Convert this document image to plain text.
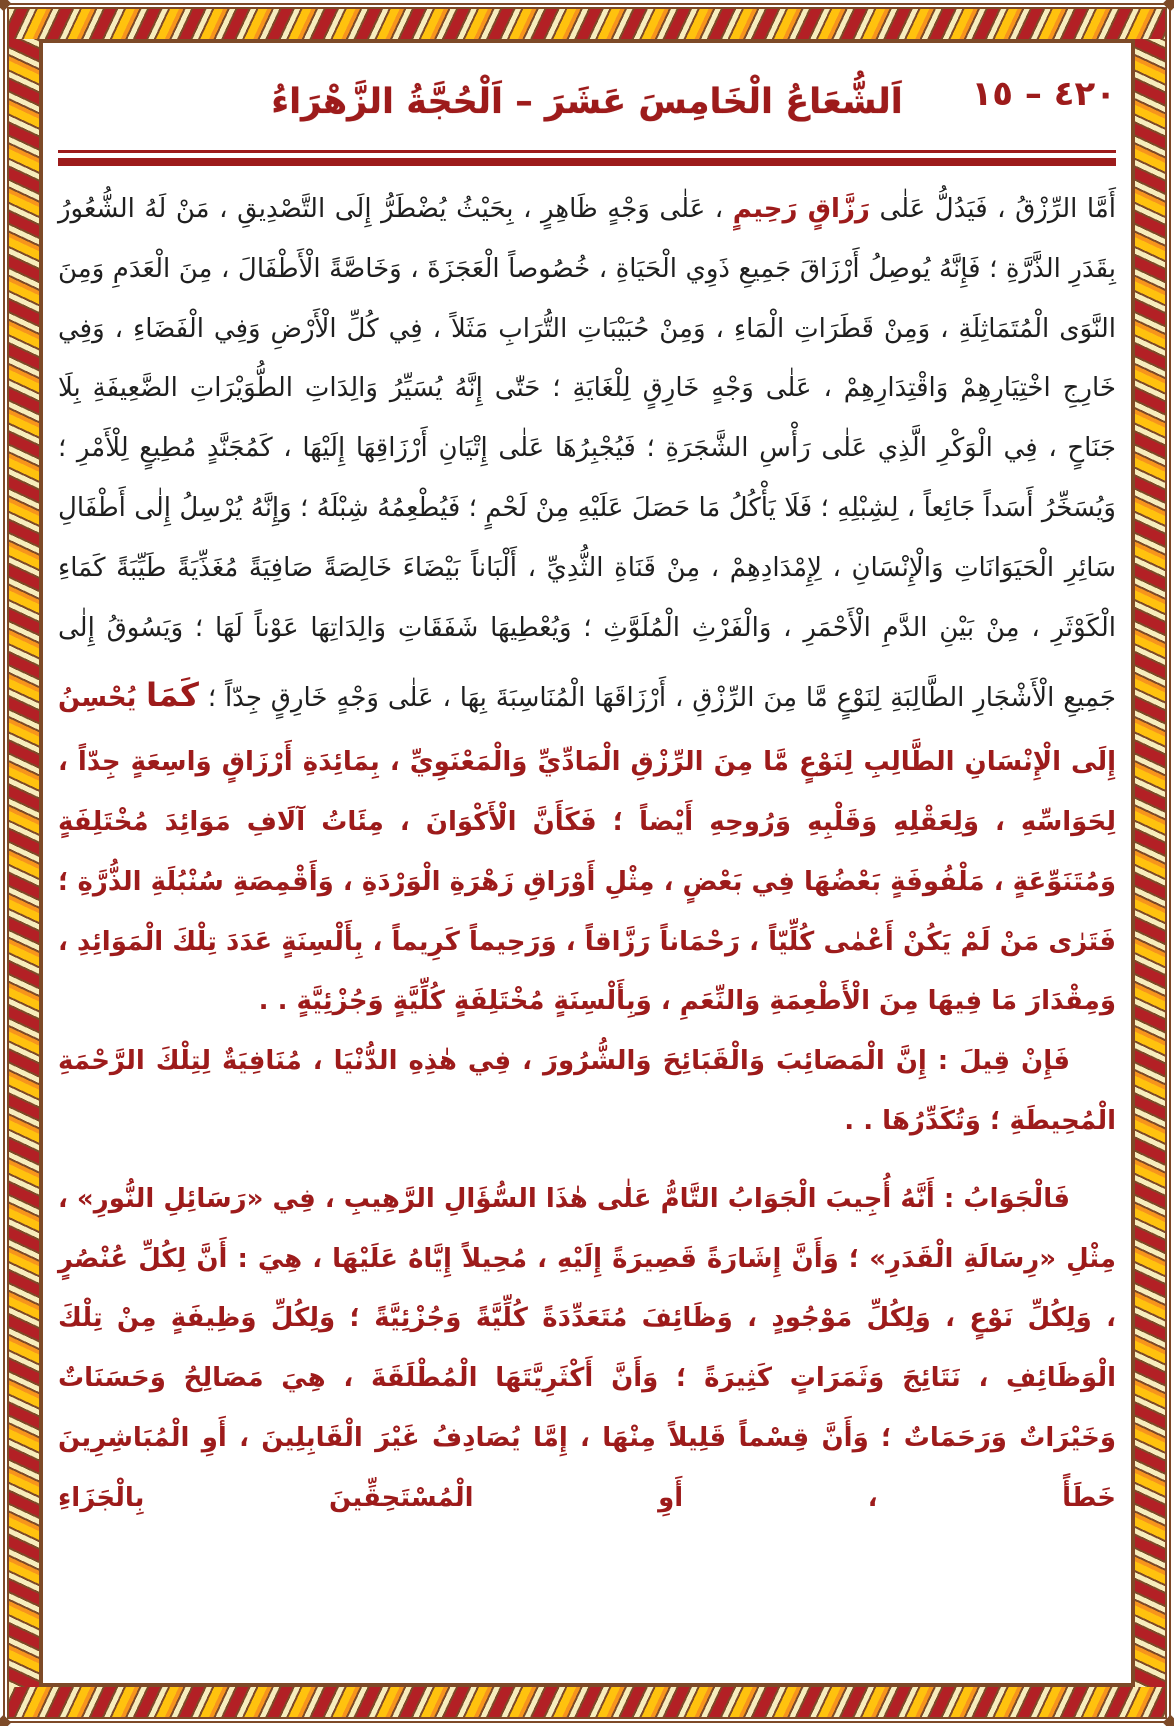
٤٢٠ – ١٥
اَلشُّعَاعُ الْخَامِسَ عَشَرَ – اَلْحُجَّةُ الزَّهْرَاءُ

أَمَّا الرِّزْقُ ، فَيَدُلُّ عَلٰى رَزَّاقٍ رَحِيمٍ ، عَلٰى وَجْهٍ ظَاهِرٍ ، بِحَيْثُ يُضْطَرُّ إِلَى التَّصْدِيقِ ، مَنْ لَهُ الشُّعُورُ بِقَدَرِ الذَّرَّةِ ؛ فَإِنَّهُ يُوصِلُ أَرْزَاقَ جَمِيعِ ذَوِي الْحَيَاةِ ، خُصُوصاً الْعَجَزَةَ ، وَخَاصَّةً الْأَطْفَالَ ، مِنَ الْعَدَمِ وَمِنَ النَّوَى الْمُتَمَاثِلَةِ ، وَمِنْ قَطَرَاتِ الْمَاءِ ، وَمِنْ حُبَيْبَاتِ التُّرَابِ مَثَلاً ، فِي كُلِّ الْأَرْضِ وَفِي الْفَضَاءِ ، وَفِي خَارِجِ اخْتِيَارِهِمْ وَاقْتِدَارِهِمْ ، عَلٰى وَجْهٍ خَارِقٍ لِلْغَايَةِ ؛ حَتّٰى إِنَّهُ يُسَيِّرُ وَالِدَاتِ الطُّوَيْرَاتِ الضَّعِيفَةِ بِلَا جَنَاحٍ ، فِي الْوَكْرِ الَّذِي عَلٰى رَأْسِ الشَّجَرَةِ ؛ فَيُجْبِرُهَا عَلٰى إِتْيَانِ أَرْزَاقِهَا إِلَيْهَا ، كَمُجَنَّدٍ مُطِيعٍ لِلْأَمْرِ ؛ وَيُسَخِّرُ أَسَداً جَائِعاً ، لِشِبْلِهِ ؛ فَلَا يَأْكُلُ مَا حَصَلَ عَلَيْهِ مِنْ لَحْمٍ ؛ فَيُطْعِمُهُ شِبْلَهُ ؛ وَإِنَّهُ يُرْسِلُ إِلٰى أَطْفَالِ سَائِرِ الْحَيَوَانَاتِ وَالْإِنْسَانِ ، لِإِمْدَادِهِمْ ، مِنْ قَنَاةِ الثُّدِيِّ ، أَلْبَاناً بَيْضَاءَ خَالِصَةً صَافِيَةً مُغَذِّيَةً طَيِّبَةً كَمَاءِ الْكَوْثَرِ ، مِنْ بَيْنِ الدَّمِ الْأَحْمَرِ ، وَالْفَرْثِ الْمُلَوَّثِ ؛ وَيُعْطِيهَا شَفَقَاتِ وَالِدَاتِهَا عَوْناً لَهَا ؛ وَيَسُوقُ إِلٰى جَمِيعِ الْأَشْجَارِ الطَّالِبَةِ لِنَوْعٍ مَّا مِنَ الرِّزْقِ ، أَرْزَاقَهَا الْمُنَاسِبَةَ بِهَا ، عَلٰى وَجْهٍ خَارِقٍ جِدّاً ؛ كَمَا يُحْسِنُ إِلَى الْإِنْسَانِ الطَّالِبِ لِنَوْعٍ مَّا مِنَ الرِّزْقِ الْمَادِّيِّ وَالْمَعْنَوِيِّ ، بِمَائِدَةِ أَرْزَاقٍ وَاسِعَةٍ جِدّاً ، لِحَوَاسِّهِ ، وَلِعَقْلِهِ وَقَلْبِهِ وَرُوحِهِ أَيْضاً ؛ فَكَأَنَّ الْأَكْوَانَ ، مِئَاتُ آلَافِ مَوَائِدَ مُخْتَلِفَةٍ وَمُتَنَوِّعَةٍ ، مَلْفُوفَةٍ بَعْضُهَا فِي بَعْضٍ ، مِثْلِ أَوْرَاقِ زَهْرَةِ الْوَرْدَةِ ، وَأَقْمِصَةِ سُنْبُلَةِ الذُّرَّةِ ؛ فَتَرٰى مَنْ لَمْ يَكُنْ أَعْمٰى كُلِّيّاً ، رَحْمَاناً رَزَّاقاً ، وَرَحِيماً كَرِيماً ، بِأَلْسِنَةٍ عَدَدَ تِلْكَ الْمَوَائِدِ ، وَمِقْدَارَ مَا فِيهَا مِنَ الْأَطْعِمَةِ وَالنِّعَمِ ، وَبِأَلْسِنَةٍ مُخْتَلِفَةٍ كُلِّيَّةٍ وَجُزْئِيَّةٍ . .

فَإِنْ قِيلَ : إِنَّ الْمَصَائِبَ وَالْقَبَائِحَ وَالشُّرُورَ ، فِي هٰذِهِ الدُّنْيَا ، مُنَافِيَةٌ لِتِلْكَ الرَّحْمَةِ الْمُحِيطَةِ ؛ وَتُكَدِّرُهَا . .

فَالْجَوَابُ : أَنَّهُ أُجِيبَ الْجَوَابُ التَّامُّ عَلٰى هٰذَا السُّؤَالِ الرَّهِيبِ ، فِي «رَسَائِلِ النُّورِ» ، مِثْلِ «رِسَالَةِ الْقَدَرِ» ؛ وَأَنَّ إِشَارَةً قَصِيرَةً إِلَيْهِ ، مُحِيلاً إِيَّاهُ عَلَيْهَا ، هِيَ : أَنَّ لِكُلِّ عُنْصُرٍ ، وَلِكُلِّ نَوْعٍ ، وَلِكُلِّ مَوْجُودٍ ، وَظَائِفَ مُتَعَدِّدَةً كُلِّيَّةً وَجُزْئِيَّةً ؛ وَلِكُلِّ وَظِيفَةٍ مِنْ تِلْكَ الْوَظَائِفِ ، نَتَائِجَ وَثَمَرَاتٍ كَثِيرَةً ؛ وَأَنَّ أَكْثَرِيَّتَهَا الْمُطْلَقَةَ ، هِيَ مَصَالِحُ وَحَسَنَاتٌ وَخَيْرَاتٌ وَرَحَمَاتٌ ؛ وَأَنَّ قِسْماً قَلِيلاً مِنْهَا ، إِمَّا يُصَادِفُ غَيْرَ الْقَابِلِينَ ، أَوِ الْمُبَاشِرِينَ خَطَأً ، أَوِ الْمُسْتَحِقِّينَ بِالْجَزَاءِ
